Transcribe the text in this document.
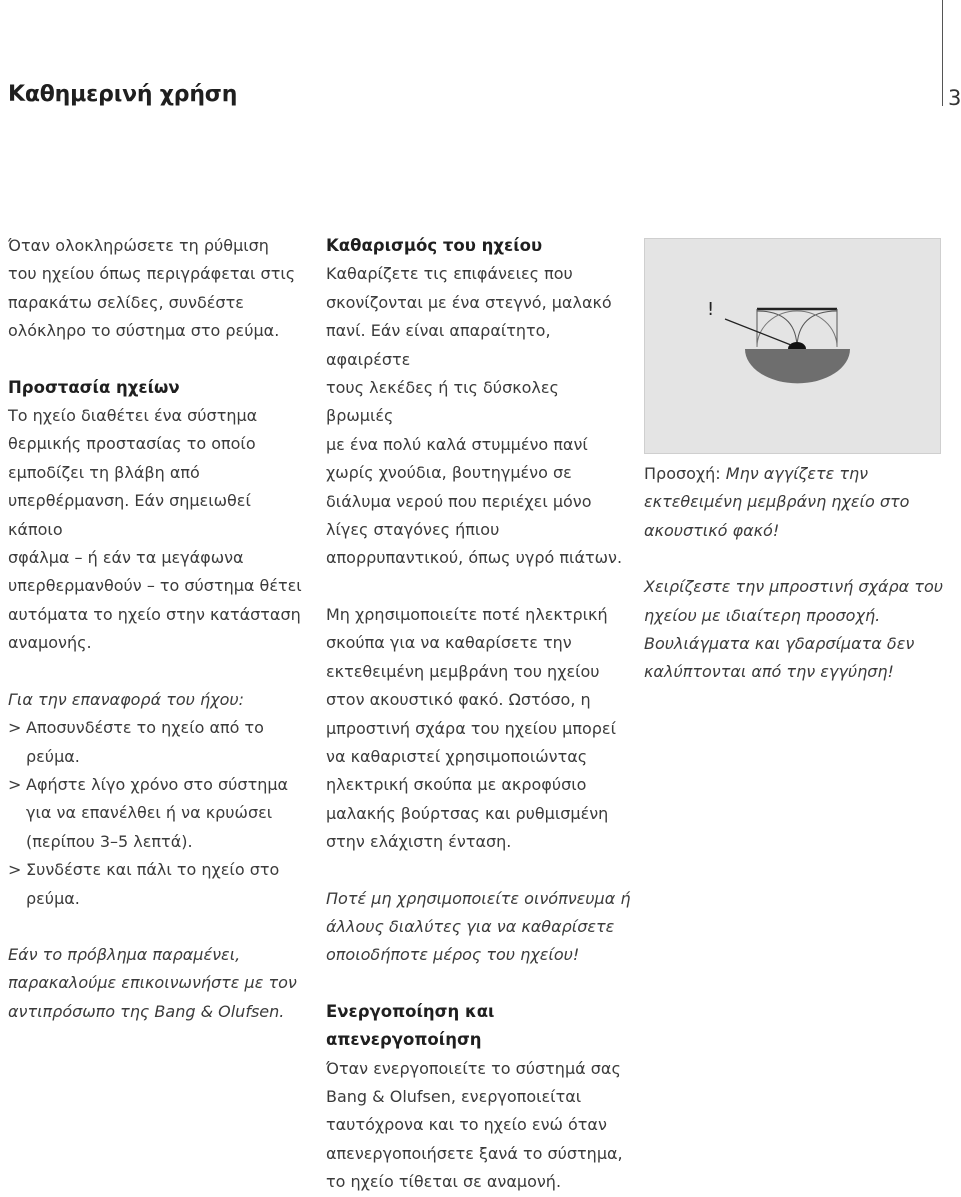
Καθημερινή χρήση	3

Όταν ολοκληρώσετε τη ρύθμιση
του ηχείου όπως περιγράφεται στις
παρακάτω σελίδες, συνδέστε
ολόκληρο το σύστημα στο ρεύμα.

Προστασία ηχείων

Το ηχείο διαθέτει ένα σύστημα
θερμικής προστασίας το οποίο
εμποδίζει τη βλάβη από
υπερθέρμανση. Εάν σημειωθεί κάποιο
σφάλμα – ή εάν τα μεγάφωνα
υπερθερμανθούν – το σύστημα θέτει
αυτόματα το ηχείο στην κατάσταση
αναμονής.

Για την επαναφορά του ήχου:

> Αποσυνδέστε το ηχείο από το
ρεύμα.
> Αφήστε λίγο χρόνο στο σύστημα
για να επανέλθει ή να κρυώσει
(περίπου 3–5 λεπτά).
> Συνδέστε και πάλι το ηχείο στο
ρεύμα.

Εάν το πρόβλημα παραμένει,
παρακαλούμε επικοινωνήστε με τον
αντιπρόσωπο της Bang & Olufsen.

Καθαρισμός του ηχείου

Καθαρίζετε τις επιφάνειες που
σκονίζονται με ένα στεγνό, μαλακό
πανί. Εάν είναι απαραίτητο, αφαιρέστε
τους λεκέδες ή τις δύσκολες βρωμιές
με ένα πολύ καλά στυμμένο πανί
χωρίς χνούδια, βουτηγμένο σε
διάλυμα νερού που περιέχει μόνο
λίγες σταγόνες ήπιου
απορρυπαντικού, όπως υγρό πιάτων.

Μη χρησιμοποιείτε ποτέ ηλεκτρική
σκούπα για να καθαρίσετε την
εκτεθειμένη μεμβράνη του ηχείου
στον ακουστικό φακό. Ωστόσο, η
μπροστινή σχάρα του ηχείου μπορεί
να καθαριστεί χρησιμοποιώντας
ηλεκτρική σκούπα με ακροφύσιο
μαλακής βούρτσας και ρυθμισμένη
στην ελάχιστη ένταση.

Ποτέ μη χρησιμοποιείτε οινόπνευμα ή
άλλους διαλύτες για να καθαρίσετε
οποιοδήποτε μέρος του ηχείου!

Ενεργοποίηση και
απενεργοποίηση

Όταν ενεργοποιείτε το σύστημά σας
Bang & Olufsen, ενεργοποιείται
ταυτόχρονα και το ηχείο ενώ όταν
απενεργοποιήσετε ξανά το σύστημα,
το ηχείο τίθεται σε αναμονή.

!

Προσοχή: Μην αγγίζετε την
εκτεθειμένη μεμβράνη ηχείο στο
ακουστικό φακό!

Χειρίζεστε την μπροστινή σχάρα του
ηχείου με ιδιαίτερη προσοχή.
Βουλιάγματα και γδαρσίματα δεν
καλύπτονται από την εγγύηση!
